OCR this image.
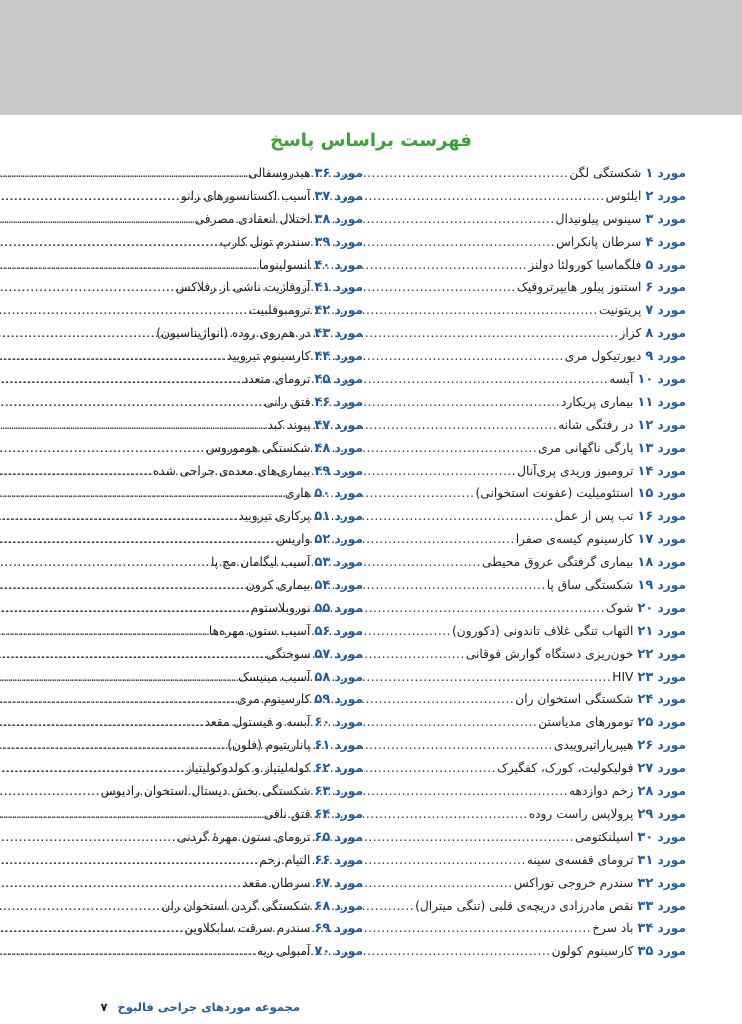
فهرست براساس پاسخ
مورد ۱
شکستگی لگن
.....
مورد ۲
ایلئوس
.....
مورد ۳
سینوس پیلونیدال
.....
مورد ۴
سرطان پانکراس
.....
مورد ۵
فلگماسیا کورولئا دولنز
.....
مورد ۶
استنوز پیلور هایپرتروفیک
.....
مورد ۷
پریتونیت
.....
مورد ۸
کزاز
.....
مورد ۹
دیورتیکول مری
.....
مورد ۱۰
آبسه
.....
مورد ۱۱
بیماری پریکارد
.....
مورد ۱۲
در رفتگی شانه
.....
مورد ۱۳
پارگی ناگهانی مری
.....
مورد ۱۴
ترومبوز وریدی پری‌آنال
.....
مورد ۱۵
استئومیلیت (عفونت استخوانی)
.....
مورد ۱۶
تب پس از عمل
.....
مورد ۱۷
کارسینوم کیسه‌ی صفرا
.....
مورد ۱۸
بیماری گرفتگی عروق محیطی
.....
مورد ۱۹
شکستگی ساق پا
.....
مورد ۲۰
شوک
.....
مورد ۲۱
التهاب تنگی غلاف تاندونی (دکورون)
.....
مورد ۲۲
خون‌ریزی دستگاه گوارش فوقانی
.....
مورد ۲۳
HIV
.....
مورد ۲۴
شکستگی استخوان ران
.....
مورد ۲۵
تومورهای مدیاستن
.....
مورد ۲۶
هیپرپاراتیروییدی
.....
مورد ۲۷
فولیکولیت، کورک، کفگیرک
.....
مورد ۲۸
زخم دوازدهه
.....
مورد ۲۹
پرولاپس راست روده
.....
مورد ۳۰
اسپلنکتومی
.....
مورد ۳۱
ترومای قفسه‌ی سینه
.....
مورد ۳۲
سندرم خروجی توراکس
.....
مورد ۳۳
نقص مادرزادی دریچه‌ی قلبی (تنگی میترال)
.....
مورد ۳۴
باد سرخ
.....
مورد ۳۵
کارسینوم کولون
.....
مورد ۳۶
هیدروسفالی
.....
مورد ۳۷
آسیب اکستانسورهای زانو
.....
مورد ۳۸
اختلال انعقادی مصرفی
.....
مورد ۳۹
سندرم تونل کارپ
.....
مورد ۴۰
انسولینوما
.....
مورد ۴۱
آزوفاژیت ناشی از رفلاکس
.....
مورد ۴۲
ترومبوفلبیت
.....
مورد ۴۳
در هم‌روی روده (انواژیناسیون)
.....
مورد ۴۴
کارسینوم تیرویید
.....
مورد ۴۵
ترومای متعدد
.....
مورد ۴۶
فتق رانی
.....
مورد ۴۷
پیوند کبد
.....
مورد ۴۸
شکستگی هوموروس
.....
مورد ۴۹
بیماری‌های معده‌ی جراحی شده
.....
مورد ۵۰
هاری
.....
مورد ۵۱
پرکاری تیرویید
.....
مورد ۵۲
واریس
.....
مورد ۵۳
آسیب لیگامان مچ پا
.....
مورد ۵۴
بیماری کرون
.....
مورد ۵۵
نوروبلاستوم
.....
مورد ۵۶
آسیب ستون مهره‌ها
.....
مورد ۵۷
سوختگی
.....
مورد ۵۸
آسیب مینیسک
.....
مورد ۵۹
کارسینوم مری
.....
مورد ۶۰
آبسه و فیستول مقعد
.....
مورد ۶۱
پاناریتیوم (فلون)
.....
مورد ۶۲
کوله‌لیتیاز و کولدوکولیتیاز
.....
مورد ۶۳
شکستگی بخش دیستال استخوان رادیوس
.....
مورد ۶۴
فتق نافی
.....
مورد ۶۵
ترومای ستون مهرهٔ گردنی
.....
مورد ۶۶
التیام زخم
.....
مورد ۶۷
سرطان مقعد
.....
مورد ۶۸
شکستگی گردن استخوان ران
.....
مورد ۶۹
سندرم سرقت سابکلاوین
.....
مورد ۷۰
آمبولی ریه
.....
مجموعه موردهای جراحی فالبوخ
۷
